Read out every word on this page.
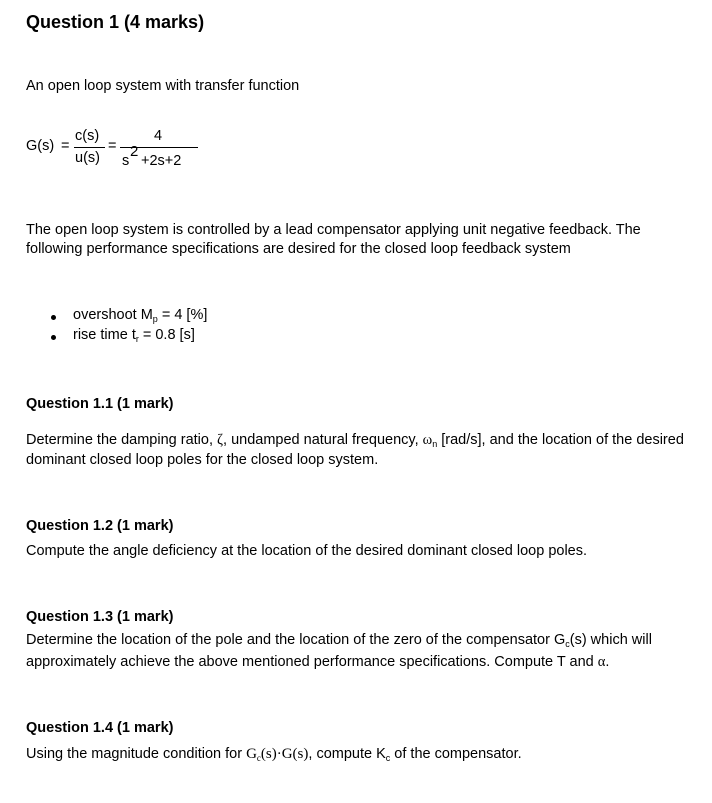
Question 1 (4 marks)
An open loop system with transfer function
G(s) =
c(s)
u(s)
=
4
s
2
+2s+2
The open loop system is controlled by a lead compensator applying unit negative feedback. The
following performance specifications are desired for the closed loop feedback system
overshoot $M_p = 4$ [%]
rise time $t_r = 0.8$ [s]
Question 1.1 (1 mark)
Determine the damping ratio, ζ, undamped natural frequency, $\omega_n$ [rad/s], and the location of the desired
dominant closed loop poles for the closed loop system.
Question 1.2 (1 mark)
Compute the angle deficiency at the location of the desired dominant closed loop poles.
Question 1.3 (1 mark)
Determine the location of the pole and the location of the zero of the compensator $G_c(s)$ which will
approximately achieve the above mentioned performance specifications. Compute T and α.
Question 1.4 (1 mark)
Using the magnitude condition for $G_c(s)\cdot G(s)$, compute $K_c$ of the compensator.
